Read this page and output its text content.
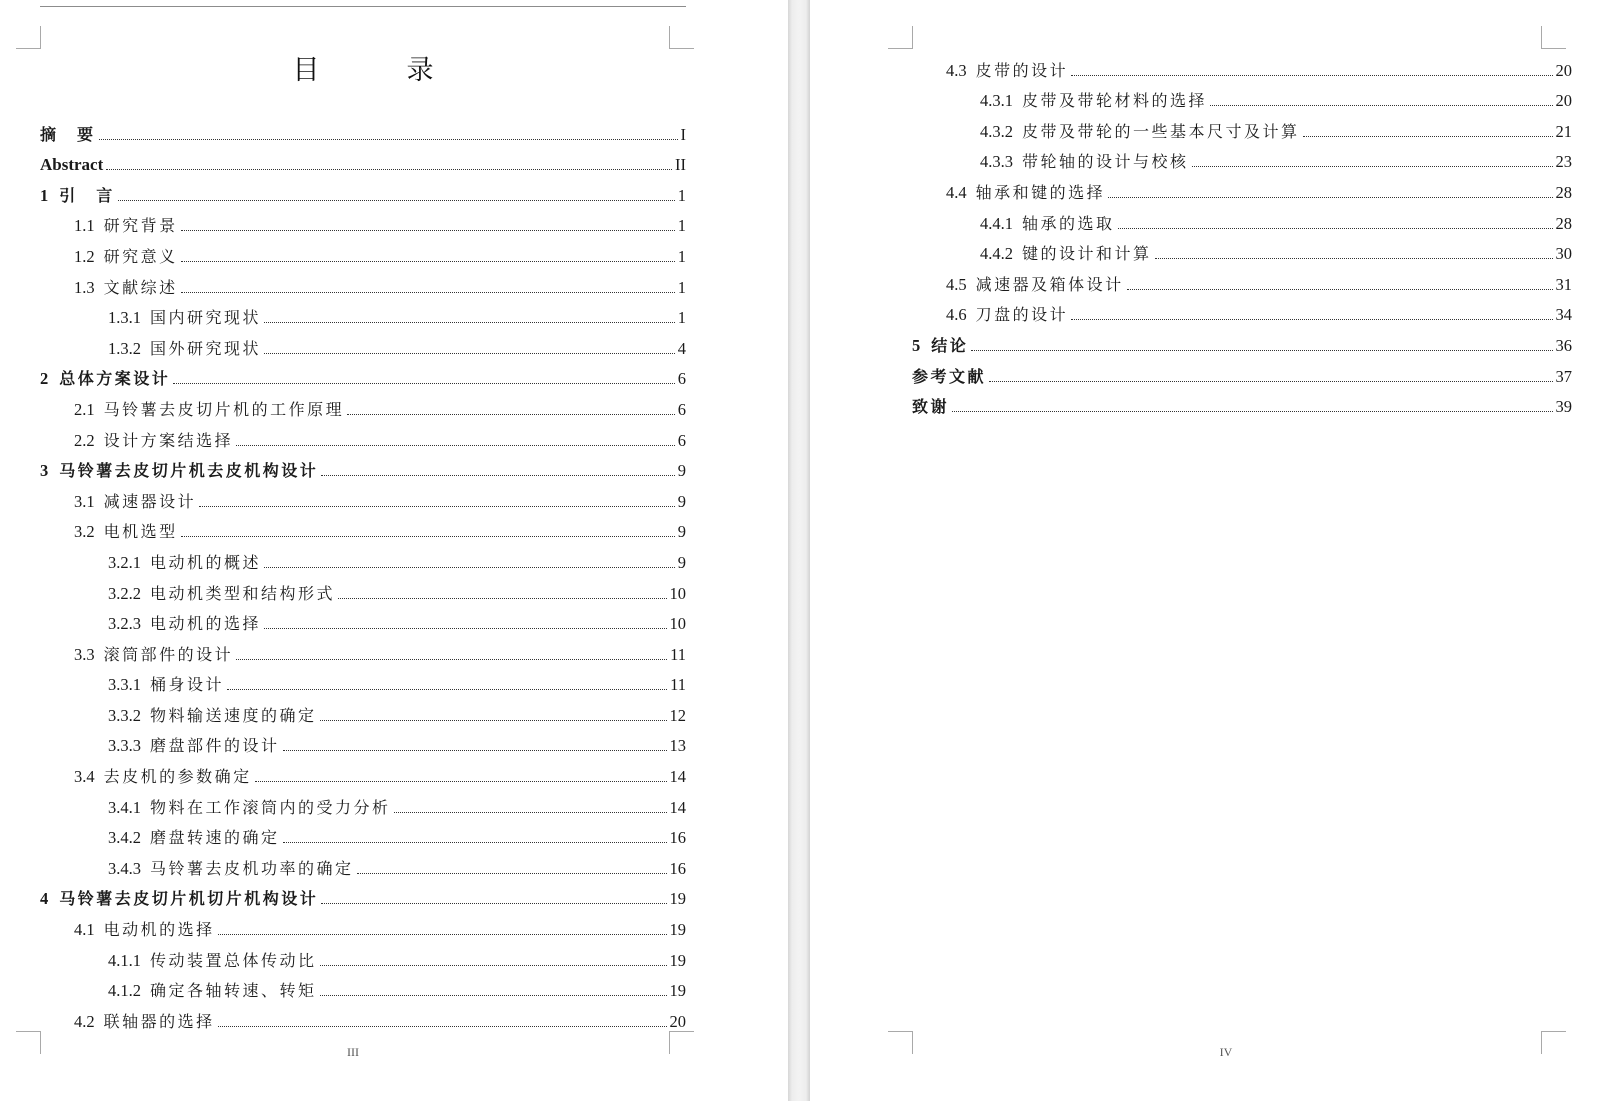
目　录
摘　要	I
Abstract	II
1 引　言	1
1.1 研究背景	1
1.2 研究意义	1
1.3 文献综述	1
1.3.1 国内研究现状	1
1.3.2 国外研究现状	4
2 总体方案设计	6
2.1 马铃薯去皮切片机的工作原理	6
2.2 设计方案结选择	6
3 马铃薯去皮切片机去皮机构设计	9
3.1 减速器设计	9
3.2 电机选型	9
3.2.1 电动机的概述	9
3.2.2 电动机类型和结构形式	10
3.2.3 电动机的选择	10
3.3 滚筒部件的设计	11
3.3.1 桶身设计	11
3.3.2 物料输送速度的确定	12
3.3.3 磨盘部件的设计	13
3.4 去皮机的参数确定	14
3.4.1 物料在工作滚筒内的受力分析	14
3.4.2 磨盘转速的确定	16
3.4.3 马铃薯去皮机功率的确定	16
4 马铃薯去皮切片机切片机构设计	19
4.1 电动机的选择	19
4.1.1 传动装置总体传动比	19
4.1.2 确定各轴转速、转矩	19
4.2 联轴器的选择	20
III	IV
4.3 皮带的设计	20
4.3.1 皮带及带轮材料的选择	20
4.3.2 皮带及带轮的一些基本尺寸及计算	21
4.3.3 带轮轴的设计与校核	23
4.4 轴承和键的选择	28
4.4.1 轴承的选取	28
4.4.2 键的设计和计算	30
4.5 减速器及箱体设计	31
4.6 刀盘的设计	34
5 结论	36
参考文献	37
致谢	39
